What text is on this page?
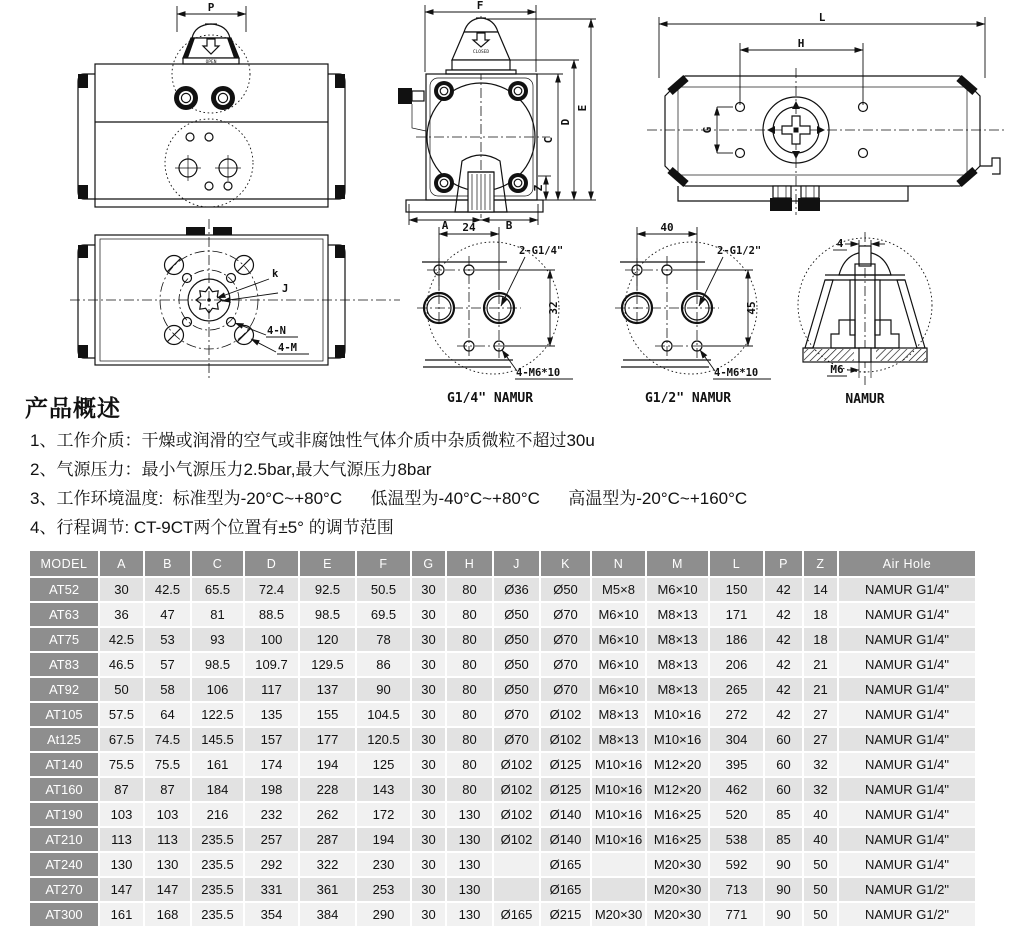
P
OPEN
k
J
4-N
4-M
F
CLOSED
C
D
E
Z
A	B
L
H
G
24
32
2-G1/4"
4-M6*10
G1/4" NAMUR
40
45
2-G1/2"
4-M6*10
G1/2" NAMUR
4
M6
NAMUR
产品概述
1、工作介质：干燥或润滑的空气或非腐蚀性气体介质中杂质微粒不超过30u
2、气源压力：最小气源压力2.5bar,最大气源压力8bar
3、工作环境温度:  标准型为-20°C~+80°C      低温型为-40°C~+80°C      高温型为-20°C~+160°C
4、行程调节: CT-9CT两个位置有±5° 的调节范围
MODEL	A	B	C	D	E	F	G	H	J	K	N	M	L	P	Z	Air Hole
AT52	30	42.5	65.5	72.4	92.5	50.5	30	80	Ø36	Ø50	M5×8	M6×10	150	42	14	NAMUR G1/4"
AT63	36	47	81	88.5	98.5	69.5	30	80	Ø50	Ø70	M6×10	M8×13	171	42	18	NAMUR G1/4"
AT75	42.5	53	93	100	120	78	30	80	Ø50	Ø70	M6×10	M8×13	186	42	18	NAMUR G1/4"
AT83	46.5	57	98.5	109.7	129.5	86	30	80	Ø50	Ø70	M6×10	M8×13	206	42	21	NAMUR G1/4"
AT92	50	58	106	117	137	90	30	80	Ø50	Ø70	M6×10	M8×13	265	42	21	NAMUR G1/4"
AT105	57.5	64	122.5	135	155	104.5	30	80	Ø70	Ø102	M8×13	M10×16	272	42	27	NAMUR G1/4"
At125	67.5	74.5	145.5	157	177	120.5	30	80	Ø70	Ø102	M8×13	M10×16	304	60	27	NAMUR G1/4"
AT140	75.5	75.5	161	174	194	125	30	80	Ø102	Ø125	M10×16	M12×20	395	60	32	NAMUR G1/4"
AT160	87	87	184	198	228	143	30	80	Ø102	Ø125	M10×16	M12×20	462	60	32	NAMUR G1/4"
AT190	103	103	216	232	262	172	30	130	Ø102	Ø140	M10×16	M16×25	520	85	40	NAMUR G1/4"
AT210	113	113	235.5	257	287	194	30	130	Ø102	Ø140	M10×16	M16×25	538	85	40	NAMUR G1/4"
AT240	130	130	235.5	292	322	230	30	130		Ø165		M20×30	592	90	50	NAMUR G1/4"
AT270	147	147	235.5	331	361	253	30	130		Ø165		M20×30	713	90	50	NAMUR G1/2"
AT300	161	168	235.5	354	384	290	30	130	Ø165	Ø215	M20×30	M20×30	771	90	50	NAMUR G1/2"
